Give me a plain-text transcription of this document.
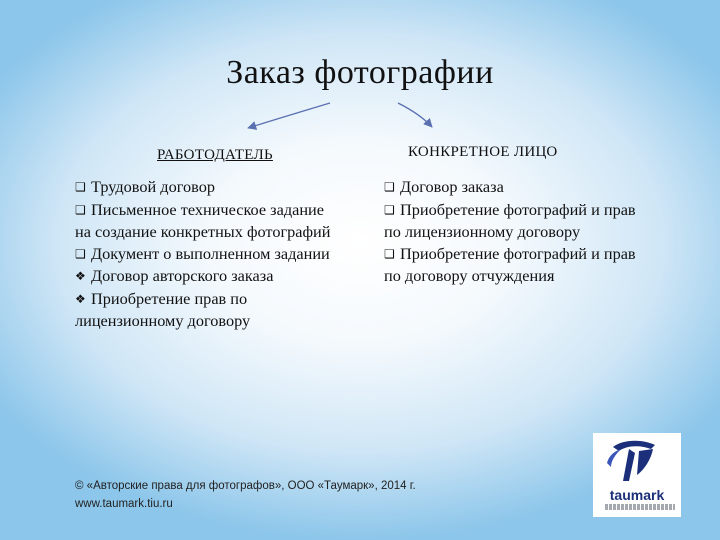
Заказ фотографии
РАБОТОДАТЕЛЬ	КОНКРЕТНОЕ ЛИЦО
❑ Трудовой договор
❑ Письменное техническое задание
на создание конкретных фотографий
❑ Документ о выполненном задании
❖ Договор авторского заказа
❖ Приобретение прав по
лицензионному договору
❑ Договор заказа
❑ Приобретение фотографий и прав
по лицензионному договору
❑ Приобретение фотографий и прав
по договору отчуждения
© «Авторские права для фотографов», ООО «Таумарк», 2014 г.
www.taumark.tiu.ru
taumark
